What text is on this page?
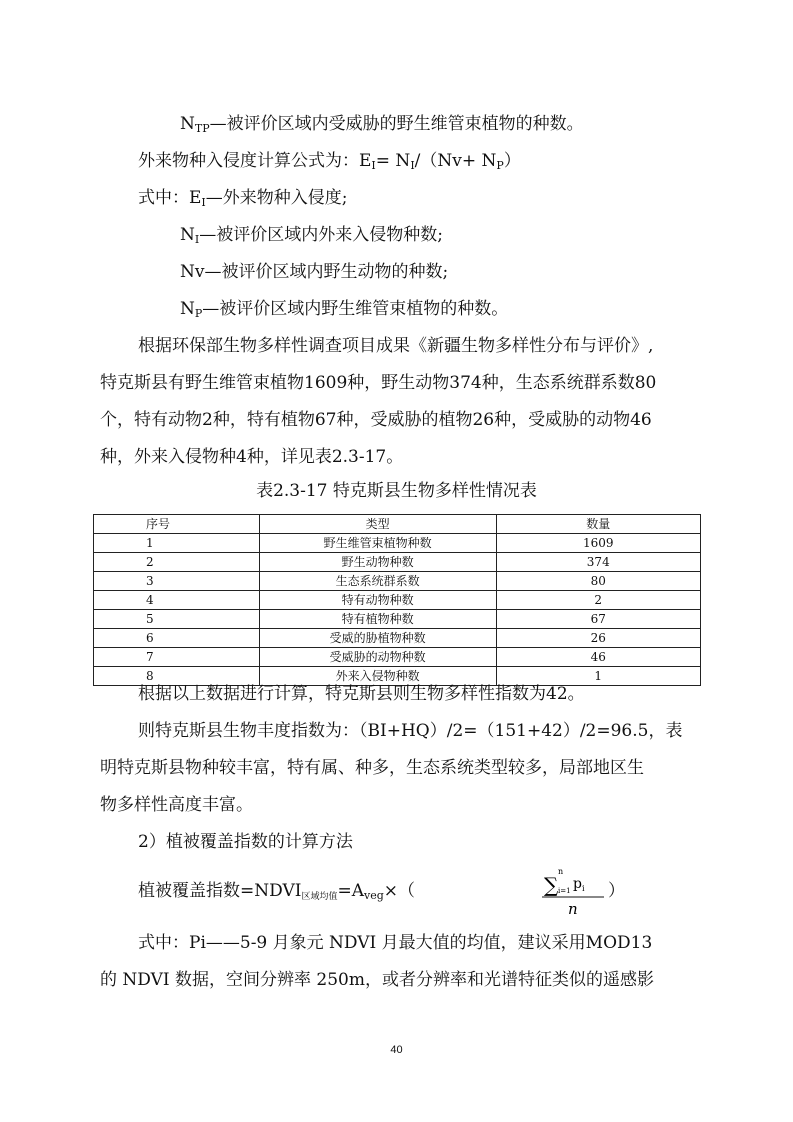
$N_{TP}—$被评价区域内受威胁的野生维管束植物的种数。
外来物种入侵度计算公式为：$E_I= N_I/(Nv+ N_P)$
式中：$E_I—$外来物种入侵度;
$N_I—$被评价区域内外来入侵物种数;
Nv—被评价区域内野生动物的种数;
$N_P—$被评价区域内野生维管束植物的种数。
根据环保部生物多样性调查项目成果《新疆生物多样性分布与评价》,
特克斯县有野生维管束植物1609种，野生动物374种，生态系统群系数80
个，特有动物2种，特有植物67种，受威胁的植物26种，受威胁的动物46
种，外来入侵物种4种，详见表2.3-17。
表2.3-17 特克斯县生物多样性情况表
序号	类型	数量
1	野生维管束植物种数	1609
2	野生动物种数	374
3	生态系统群系数	80
4	特有动物种数	2
5	特有植物种数	67
6	受威的胁植物种数	26
7	受威胁的动物种数	46
8	外来入侵物种数	1
根据以上数据进行计算，特克斯县则生物多样性指数为42。
则特克斯县生物丰度指数为：（BI+HQ）/2=（151+42）/2=96.5，表
明特克斯县物种较丰富，特有属、种多，生态系统类型较多，局部地区生
物多样性高度丰富。
2）植被覆盖指数的计算方法
植被覆盖指数=NDVI区域均值$=A_{veg}\times$（	∑
n
i=1 p i
n
）
式中：Pi——5-9 月象元 NDVI 月最大值的均值，建议采用MOD13
的 NDVI 数据，空间分辨率 250m，或者分辨率和光谱特征类似的遥感影
40
